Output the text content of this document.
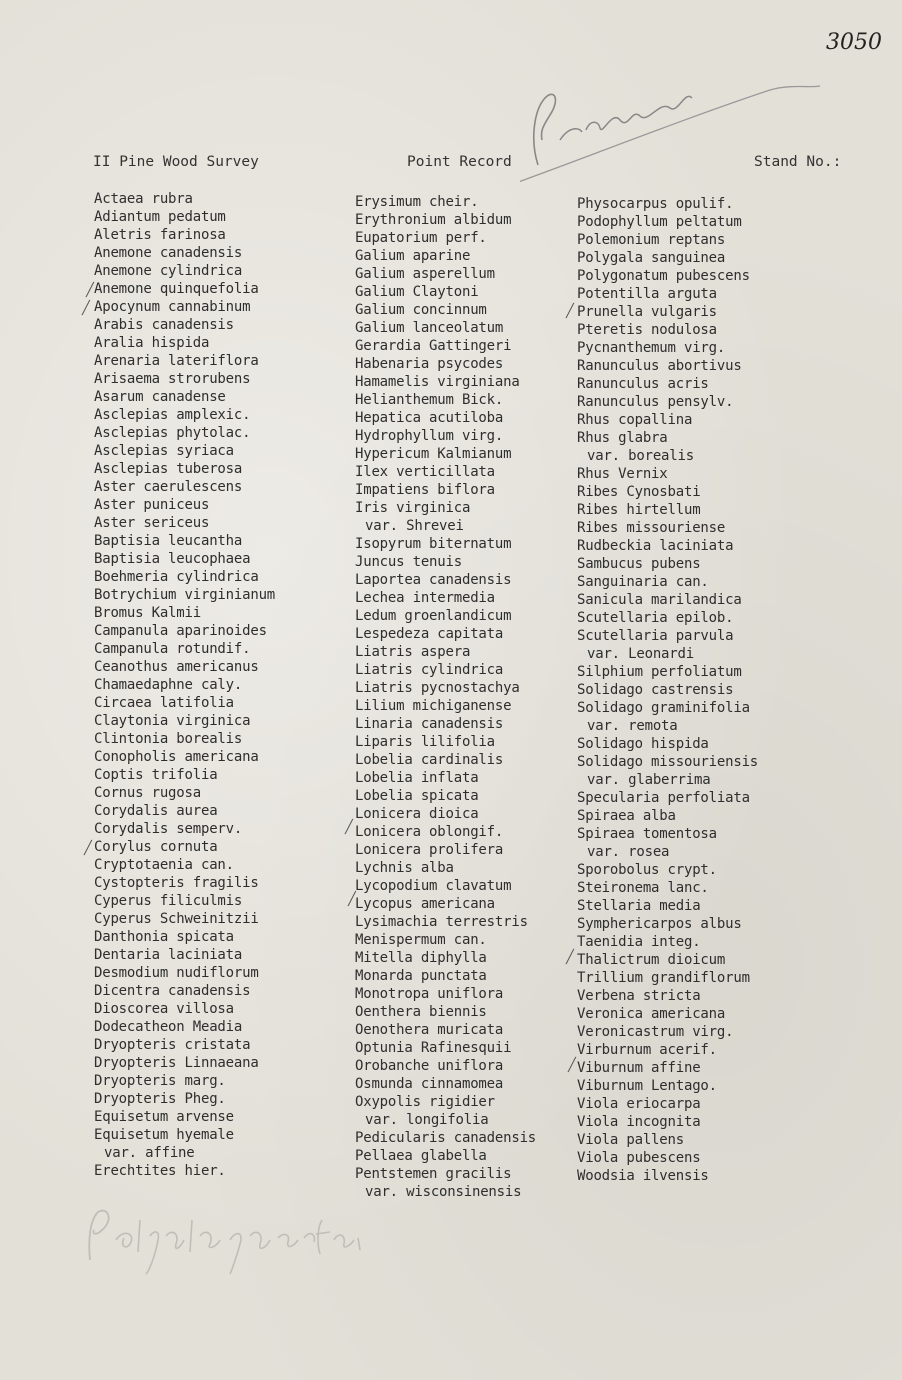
3050
II Pine Wood Survey	Point Record	Stand No.:
Actaea rubra
Adiantum pedatum
Aletris farinosa
Anemone canadensis
Anemone cylindrica
Anemone quinquefolia
Apocynum cannabinum
Arabis canadensis
Aralia hispida
Arenaria lateriflora
Arisaema strorubens
Asarum canadense
Asclepias amplexic.
Asclepias phytolac.
Asclepias syriaca
Asclepias tuberosa
Aster caerulescens
Aster puniceus
Aster sericeus
Baptisia leucantha
Baptisia leucophaea
Boehmeria cylindrica
Botrychium virginianum
Bromus Kalmii
Campanula aparinoides
Campanula rotundif.
Ceanothus americanus
Chamaedaphne caly.
Circaea latifolia
Claytonia virginica
Clintonia borealis
Conopholis americana
Coptis trifolia
Cornus rugosa
Corydalis aurea
Corydalis semperv.
Corylus cornuta
Cryptotaenia can.
Cystopteris fragilis
Cyperus filiculmis
Cyperus Schweinitzii
Danthonia spicata
Dentaria laciniata
Desmodium nudiflorum
Dicentra canadensis
Dioscorea villosa
Dodecatheon Meadia
Dryopteris cristata
Dryopteris Linnaeana
Dryopteris marg.
Dryopteris Pheg.
Equisetum arvense
Equisetum hyemale
var. affine
Erechtites hier.
Erysimum cheir.
Erythronium albidum
Eupatorium perf.
Galium aparine
Galium asperellum
Galium Claytoni
Galium concinnum
Galium lanceolatum
Gerardia Gattingeri
Habenaria psycodes
Hamamelis virginiana
Helianthemum Bick.
Hepatica acutiloba
Hydrophyllum virg.
Hypericum Kalmianum
Ilex verticillata
Impatiens biflora
Iris virginica
var. Shrevei
Isopyrum biternatum
Juncus tenuis
Laportea canadensis
Lechea intermedia
Ledum groenlandicum
Lespedeza capitata
Liatris aspera
Liatris cylindrica
Liatris pycnostachya
Lilium michiganense
Linaria canadensis
Liparis lilifolia
Lobelia cardinalis
Lobelia inflata
Lobelia spicata
Lonicera dioica
Lonicera oblongif.
Lonicera prolifera
Lychnis alba
Lycopodium clavatum
Lycopus americana
Lysimachia terrestris
Menispermum can.
Mitella diphylla
Monarda punctata
Monotropa uniflora
Oenthera biennis
Oenothera muricata
Optunia Rafinesquii
Orobanche uniflora
Osmunda cinnamomea
Oxypolis rigidier
var. longifolia
Pedicularis canadensis
Pellaea glabella
Pentstemen gracilis
var. wisconsinensis
Physocarpus opulif.
Podophyllum peltatum
Polemonium reptans
Polygala sanguinea
Polygonatum pubescens
Potentilla arguta
Prunella vulgaris
Pteretis nodulosa
Pycnanthemum virg.
Ranunculus abortivus
Ranunculus acris
Ranunculus pensylv.
Rhus copallina
Rhus glabra
var. borealis
Rhus Vernix
Ribes Cynosbati
Ribes hirtellum
Ribes missouriense
Rudbeckia laciniata
Sambucus pubens
Sanguinaria can.
Sanicula marilandica
Scutellaria epilob.
Scutellaria parvula
var. Leonardi
Silphium perfoliatum
Solidago castrensis
Solidago graminifolia
var. remota
Solidago hispida
Solidago missouriensis
var. glaberrima
Specularia perfoliata
Spiraea alba
Spiraea tomentosa
var. rosea
Sporobolus crypt.
Steironema lanc.
Stellaria media
Symphericarpos albus
Taenidia integ.
Thalictrum dioicum
Trillium grandiflorum
Verbena stricta
Veronica americana
Veronicastrum virg.
Virburnum acerif.
Viburnum affine
Viburnum Lentago.
Viola eriocarpa
Viola incognita
Viola pallens
Viola pubescens
Woodsia ilvensis
╱
╱
╱
╱
╱
╱
╱
╱
